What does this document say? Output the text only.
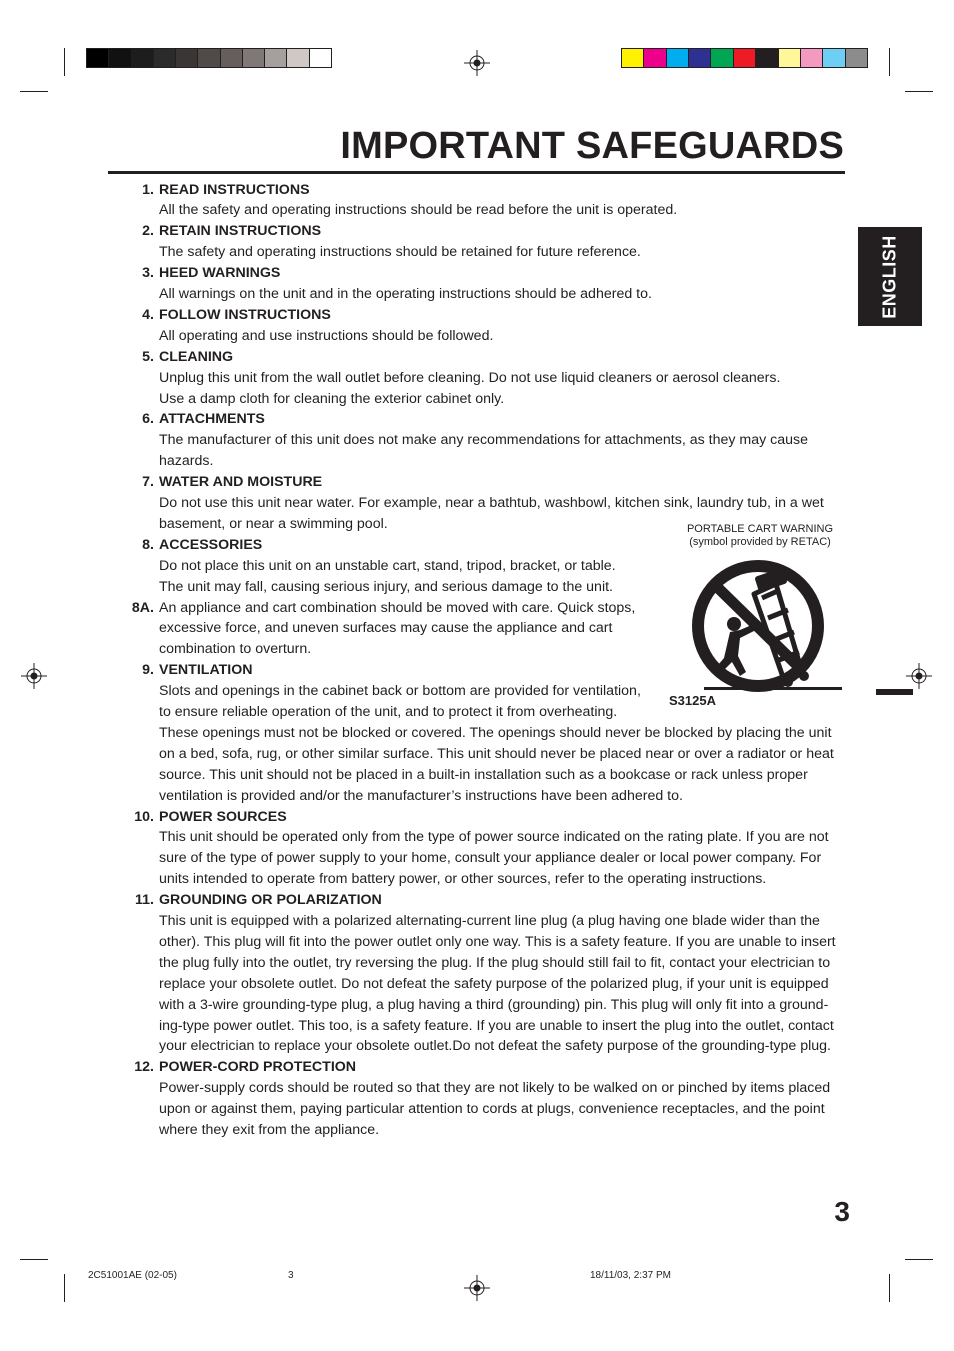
IMPORTANT SAFEGUARDS
ENGLISH
1. READ INSTRUCTIONS
All the safety and operating instructions should be read before the unit is operated.
2. RETAIN INSTRUCTIONS
The safety and operating instructions should be retained for future reference.
3. HEED WARNINGS
All warnings on the unit and in the operating instructions should be adhered to.
4. FOLLOW INSTRUCTIONS
All operating and use instructions should be followed.
5. CLEANING
Unplug this unit from the wall outlet before cleaning. Do not use liquid cleaners or aerosol cleaners.
Use a damp cloth for cleaning the exterior cabinet only.
6. ATTACHMENTS
The manufacturer of this unit does not make any recommendations for attachments, as they may cause
hazards.
7. WATER AND MOISTURE
Do not use this unit near water. For example, near a bathtub, washbowl, kitchen sink, laundry tub, in a wet
basement, or near a swimming pool.
8. ACCESSORIES
Do not place this unit on an unstable cart, stand, tripod, bracket, or table.
The unit may fall, causing serious injury, and serious damage to the unit.
8A. An appliance and cart combination should be moved with care. Quick stops,
excessive force, and uneven surfaces may cause the appliance and cart
combination to overturn.
9. VENTILATION
Slots and openings in the cabinet back or bottom are provided for ventilation,
to ensure reliable operation of the unit, and to protect it from overheating.
These openings must not be blocked or covered. The openings should never be blocked by placing the unit
on a bed, sofa, rug, or other similar surface. This unit should never be placed near or over a radiator or heat
source. This unit should not be placed in a built-in installation such as a bookcase or rack unless proper
ventilation is provided and/or the manufacturer’s instructions have been adhered to.
10. POWER SOURCES
This unit should be operated only from the type of power source indicated on the rating plate. If you are not
sure of the type of power supply to your home, consult your appliance dealer or local power company. For
units intended to operate from battery power, or other sources, refer to the operating instructions.
11. GROUNDING OR POLARIZATION
This unit is equipped with a polarized alternating-current line plug (a plug having one blade wider than the
other). This plug will fit into the power outlet only one way. This is a safety feature. If you are unable to insert
the plug fully into the outlet, try reversing the plug. If the plug should still fail to fit, contact your electrician to
replace your obsolete outlet. Do not defeat the safety purpose of the polarized plug, if your unit is equipped
with a 3-wire grounding-type plug, a plug having a third (grounding) pin. This plug will only fit into a ground-
ing-type power outlet. This too, is a safety feature. If you are unable to insert the plug into the outlet, contact
your electrician to replace your obsolete outlet.Do not defeat the safety purpose of the grounding-type plug.
12. POWER-CORD PROTECTION
Power-supply cords should be routed so that they are not likely to be walked on or pinched by items placed
upon or against them, paying particular attention to cords at plugs, convenience receptacles, and the point
where they exit from the appliance.
PORTABLE CART WARNING
(symbol provided by RETAC)
S3125A
3
2C51001AE (02-05)	3	18/11/03, 2:37 PM
